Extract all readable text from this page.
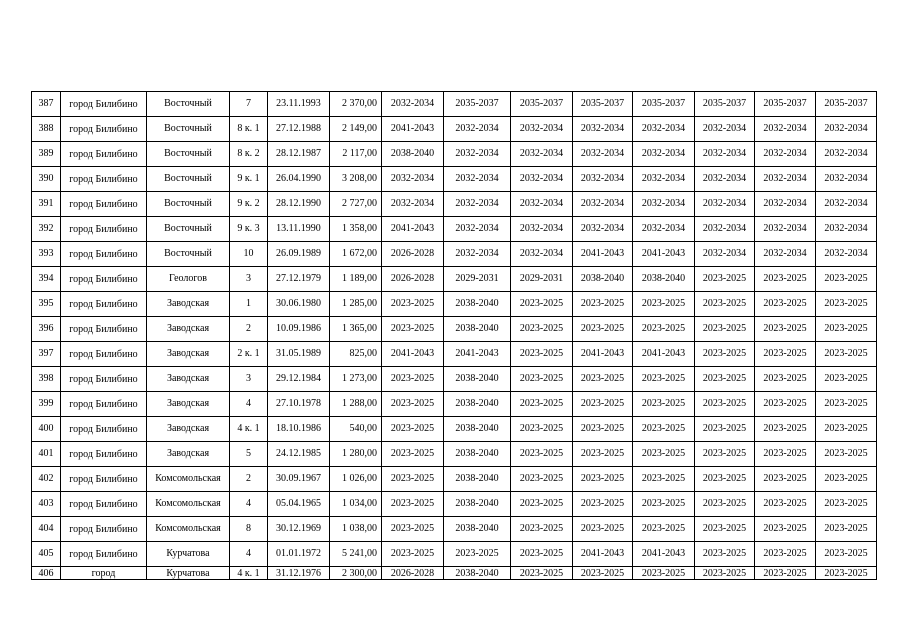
387	город Билибино	Восточный	7	23.11.1993	2 370,00	2032-2034	2035-2037	2035-2037	2035-2037	2035-2037	2035-2037	2035-2037	2035-2037
388	город Билибино	Восточный	8 к. 1	27.12.1988	2 149,00	2041-2043	2032-2034	2032-2034	2032-2034	2032-2034	2032-2034	2032-2034	2032-2034
389	город Билибино	Восточный	8 к. 2	28.12.1987	2 117,00	2038-2040	2032-2034	2032-2034	2032-2034	2032-2034	2032-2034	2032-2034	2032-2034
390	город Билибино	Восточный	9 к. 1	26.04.1990	3 208,00	2032-2034	2032-2034	2032-2034	2032-2034	2032-2034	2032-2034	2032-2034	2032-2034
391	город Билибино	Восточный	9 к. 2	28.12.1990	2 727,00	2032-2034	2032-2034	2032-2034	2032-2034	2032-2034	2032-2034	2032-2034	2032-2034
392	город Билибино	Восточный	9 к. 3	13.11.1990	1 358,00	2041-2043	2032-2034	2032-2034	2032-2034	2032-2034	2032-2034	2032-2034	2032-2034
393	город Билибино	Восточный	10	26.09.1989	1 672,00	2026-2028	2032-2034	2032-2034	2041-2043	2041-2043	2032-2034	2032-2034	2032-2034
394	город Билибино	Геологов	3	27.12.1979	1 189,00	2026-2028	2029-2031	2029-2031	2038-2040	2038-2040	2023-2025	2023-2025	2023-2025
395	город Билибино	Заводская	1	30.06.1980	1 285,00	2023-2025	2038-2040	2023-2025	2023-2025	2023-2025	2023-2025	2023-2025	2023-2025
396	город Билибино	Заводская	2	10.09.1986	1 365,00	2023-2025	2038-2040	2023-2025	2023-2025	2023-2025	2023-2025	2023-2025	2023-2025
397	город Билибино	Заводская	2 к. 1	31.05.1989	825,00	2041-2043	2041-2043	2023-2025	2041-2043	2041-2043	2023-2025	2023-2025	2023-2025
398	город Билибино	Заводская	3	29.12.1984	1 273,00	2023-2025	2038-2040	2023-2025	2023-2025	2023-2025	2023-2025	2023-2025	2023-2025
399	город Билибино	Заводская	4	27.10.1978	1 288,00	2023-2025	2038-2040	2023-2025	2023-2025	2023-2025	2023-2025	2023-2025	2023-2025
400	город Билибино	Заводская	4 к. 1	18.10.1986	540,00	2023-2025	2038-2040	2023-2025	2023-2025	2023-2025	2023-2025	2023-2025	2023-2025
401	город Билибино	Заводская	5	24.12.1985	1 280,00	2023-2025	2038-2040	2023-2025	2023-2025	2023-2025	2023-2025	2023-2025	2023-2025
402	город Билибино	Комсомольская	2	30.09.1967	1 026,00	2023-2025	2038-2040	2023-2025	2023-2025	2023-2025	2023-2025	2023-2025	2023-2025
403	город Билибино	Комсомольская	4	05.04.1965	1 034,00	2023-2025	2038-2040	2023-2025	2023-2025	2023-2025	2023-2025	2023-2025	2023-2025
404	город Билибино	Комсомольская	8	30.12.1969	1 038,00	2023-2025	2038-2040	2023-2025	2023-2025	2023-2025	2023-2025	2023-2025	2023-2025
405	город Билибино	Курчатова	4	01.01.1972	5 241,00	2023-2025	2023-2025	2023-2025	2041-2043	2041-2043	2023-2025	2023-2025	2023-2025
406	город	Курчатова	4 к. 1	31.12.1976	2 300,00	2026-2028	2038-2040	2023-2025	2023-2025	2023-2025	2023-2025	2023-2025	2023-2025
